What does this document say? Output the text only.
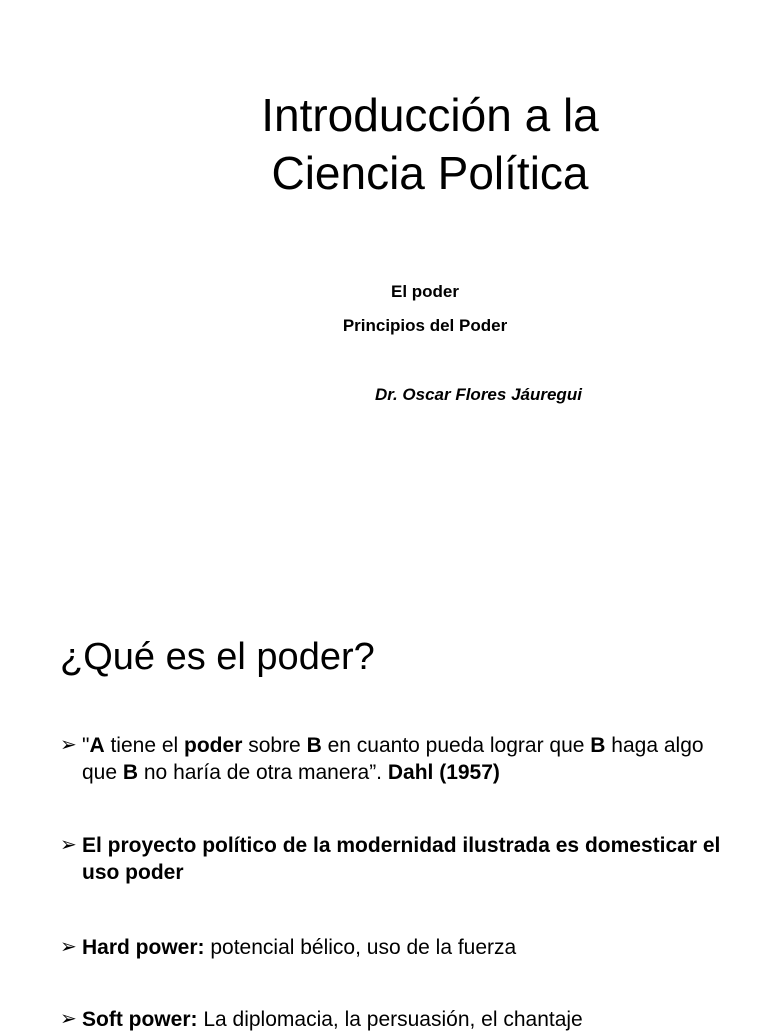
Introducción a la
Ciencia Política

El poder

Principios del Poder

Dr. Oscar Flores Jáuregui

¿Qué es el poder?
➢ "A tiene el poder sobre B en cuanto pueda lograr que B haga algo que B no haría de otra manera”. Dahl (1957)
➢ El proyecto político de la modernidad ilustrada es domesticar el uso poder
➢ Hard power: potencial bélico, uso de la fuerza
➢ Soft power: La diplomacia, la persuasión, el chantaje
